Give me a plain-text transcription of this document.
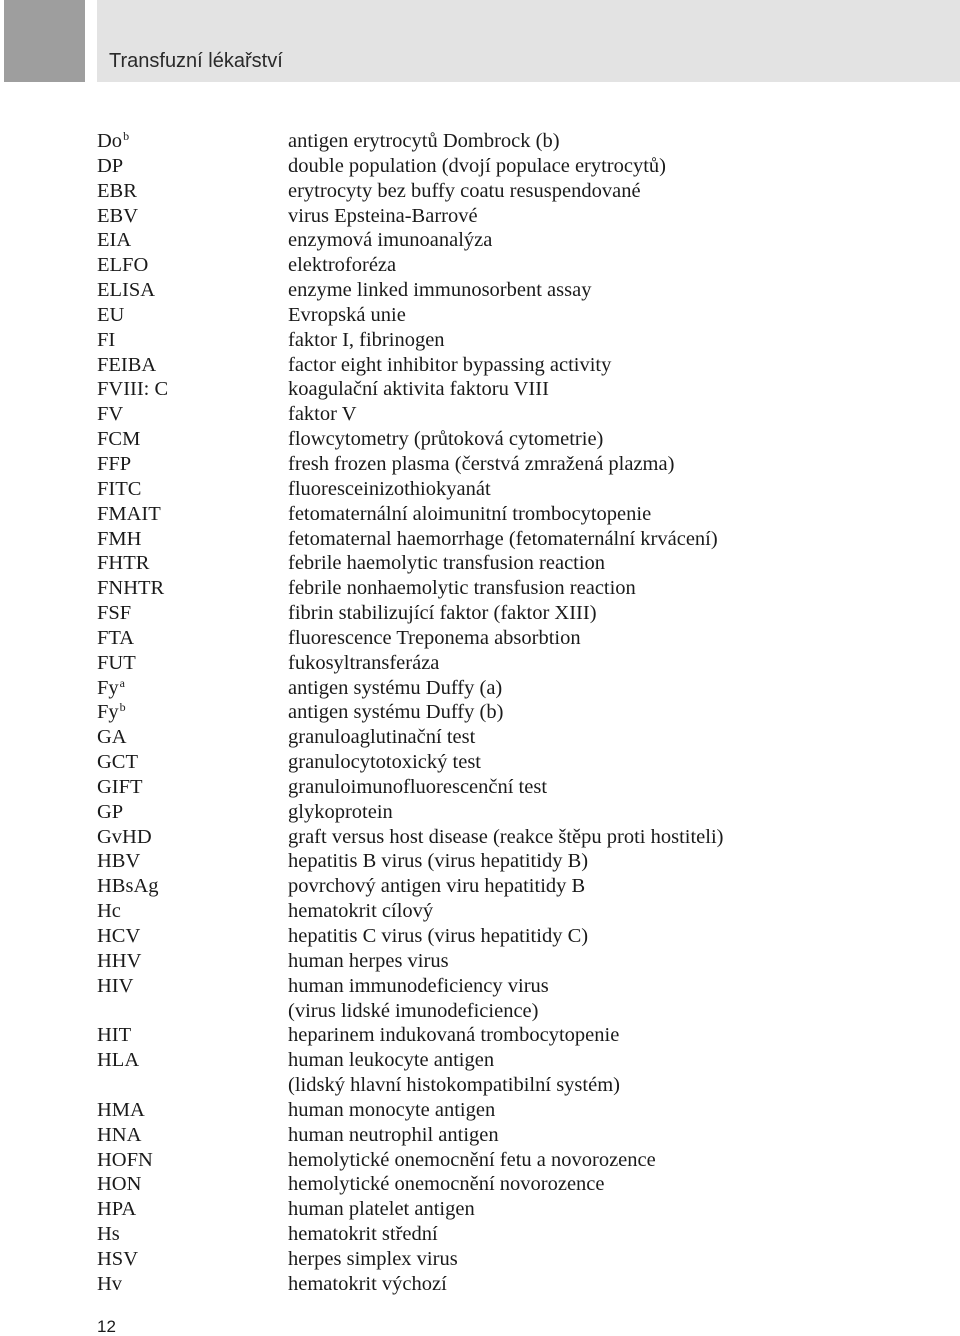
Transfuzní lékařství
Do$^b$	antigen erytrocytů Dombrock (b)
DP	double population (dvojí populace erytrocytů)
EBR	erytrocyty bez buffy coatu resuspendované
EBV	virus Epsteina-Barrové
EIA	enzymová imunoanalýza
ELFO	elektroforéza
ELISA	enzyme linked immunosorbent assay
EU	Evropská unie
FI	faktor I, fibrinogen
FEIBA	factor eight inhibitor bypassing activity
FVIII: C	koagulační aktivita faktoru VIII
FV	faktor V
FCM	flowcytometry (průtoková cytometrie)
FFP	fresh frozen plasma (čerstvá zmražená plazma)
FITC	fluoresceinizothiokyanát
FMAIT	fetomaternální aloimunitní trombocytopenie
FMH	fetomaternal haemorrhage (fetomaternální krvácení)
FHTR	febrile haemolytic transfusion reaction
FNHTR	febrile nonhaemolytic transfusion reaction
FSF	fibrin stabilizující faktor (faktor XIII)
FTA	fluorescence Treponema absorbtion
FUT	fukosyltransferáza
Fy$^a$	antigen systému Duffy (a)
Fy$^b$	antigen systému Duffy (b)
GA	granuloaglutinační test
GCT	granulocytotoxický test
GIFT	granuloimunofluorescenční test
GP	glykoprotein
GvHD	graft versus host disease (reakce štěpu proti hostiteli)
HBV	hepatitis B virus (virus hepatitidy B)
HBsAg	povrchový antigen viru hepatitidy B
Hc	hematokrit cílový
HCV	hepatitis C virus (virus hepatitidy C)
HHV	human herpes virus
HIV	human immunodeficiency virus
(virus lidské imunodeficience)
HIT	heparinem indukovaná trombocytopenie
HLA	human leukocyte antigen
(lidský hlavní histokompatibilní systém)
HMA	human monocyte antigen
HNA	human neutrophil antigen
HOFN	hemolytické onemocnění fetu a novorozence
HON	hemolytické onemocnění novorozence
HPA	human platelet antigen
Hs	hematokrit střední
HSV	herpes simplex virus
Hv	hematokrit výchozí
12
